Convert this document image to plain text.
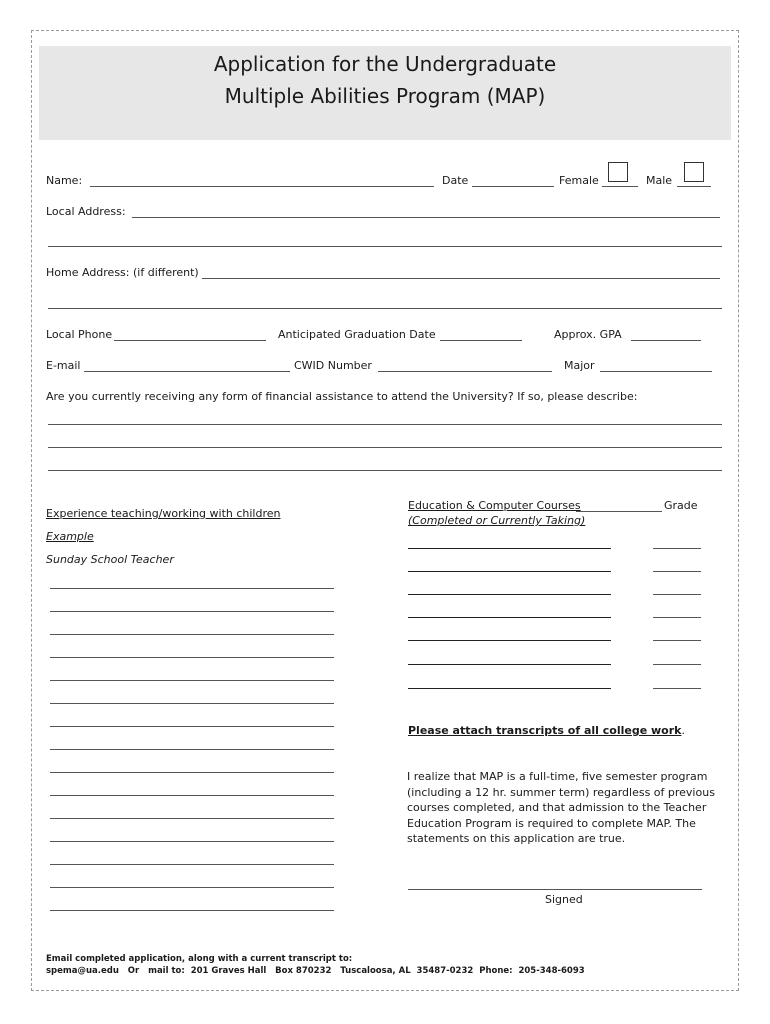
Application for the Undergraduate
Multiple Abilities Program (MAP)
Name:	Date	Female	Male
Local Address:
Home Address: (if different)
Local Phone	Anticipated Graduation Date	Approx. GPA
E-mail	CWID Number	Major
Are you currently receiving any form of financial assistance to attend the University? If so, please describe:
Experience teaching/working with children
Example
Sunday School Teacher
Education & Computer Courses
(Completed or Currently Taking)
Grade
Please attach transcripts of all college work.
I realize that MAP is a full-time, five semester program (including a 12 hr. summer term) regardless of previous courses completed, and that admission to the Teacher Education Program is required to complete MAP. The statements on this application are true.
Signed
Email completed application, along with a current transcript to:
spema@ua.edu   Or   mail to:  201 Graves Hall   Box 870232   Tuscaloosa, AL  35487-0232  Phone:  205-348-6093
